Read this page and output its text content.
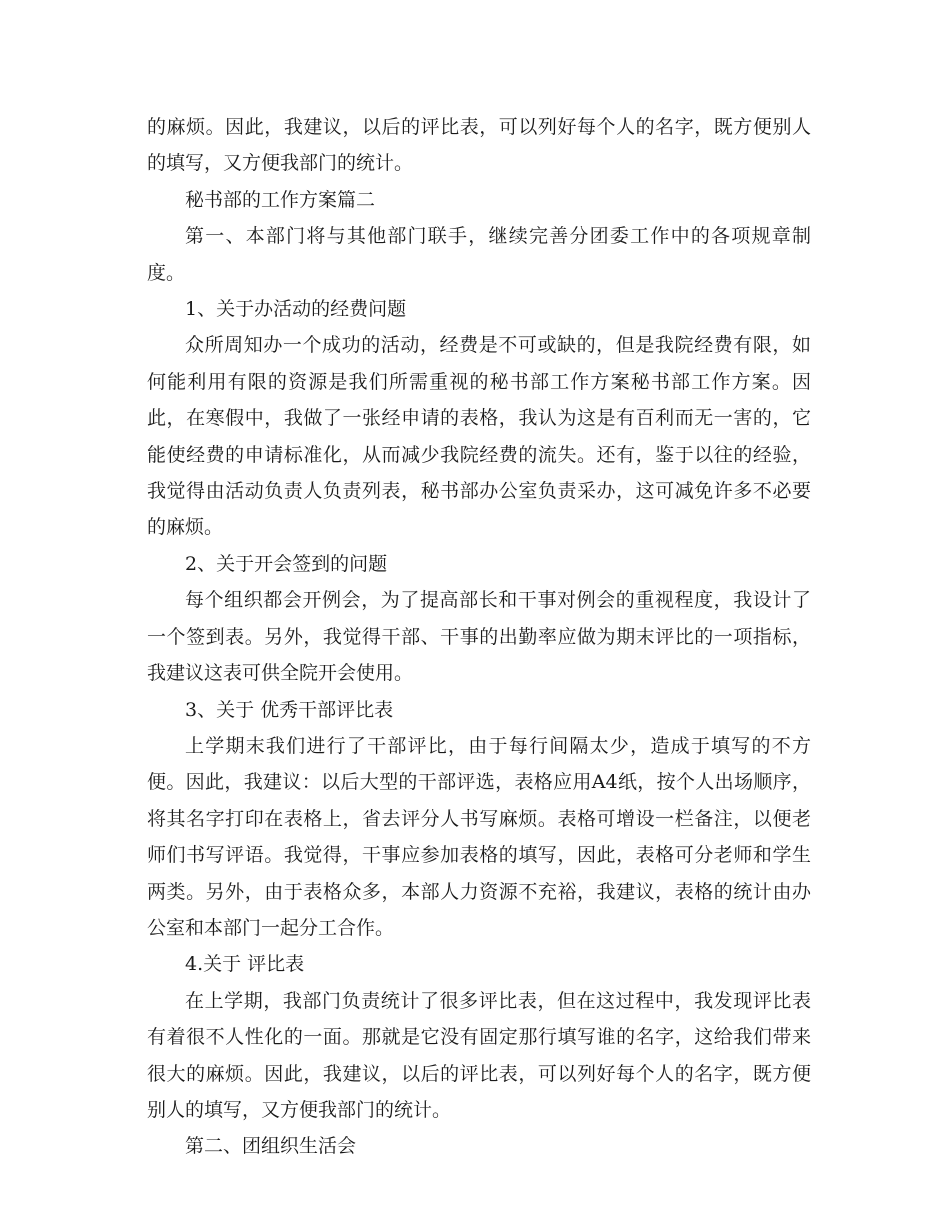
的麻烦。因此，我建议，以后的评比表，可以列好每个人的名字，既方便别人的填写，又方便我部门的统计。

秘书部的工作方案篇二

第一、本部门将与其他部门联手，继续完善分团委工作中的各项规章制度。

1、关于办活动的经费问题

众所周知办一个成功的活动，经费是不可或缺的，但是我院经费有限，如何能利用有限的资源是我们所需重视的秘书部工作方案秘书部工作方案。因此，在寒假中，我做了一张经申请的表格，我认为这是有百利而无一害的，它能使经费的申请标准化，从而减少我院经费的流失。还有，鉴于以往的经验，我觉得由活动负责人负责列表，秘书部办公室负责采办，这可减免许多不必要的麻烦。

2、关于开会签到的问题

每个组织都会开例会，为了提高部长和干事对例会的重视程度，我设计了一个签到表。另外，我觉得干部、干事的出勤率应做为期末评比的一项指标，我建议这表可供全院开会使用。

3、关于 优秀干部评比表

上学期末我们进行了干部评比，由于每行间隔太少，造成于填写的不方便。因此，我建议：以后大型的干部评选，表格应用A4纸，按个人出场顺序，将其名字打印在表格上，省去评分人书写麻烦。表格可增设一栏备注，以便老师们书写评语。我觉得，干事应参加表格的填写，因此，表格可分老师和学生两类。另外，由于表格众多，本部人力资源不充裕，我建议，表格的统计由办公室和本部门一起分工合作。

4.关于 评比表

在上学期，我部门负责统计了很多评比表，但在这过程中，我发现评比表有着很不人性化的一面。那就是它没有固定那行填写谁的名字，这给我们带来很大的麻烦。因此，我建议，以后的评比表，可以列好每个人的名字，既方便别人的填写，又方便我部门的统计。

第二、团组织生活会
